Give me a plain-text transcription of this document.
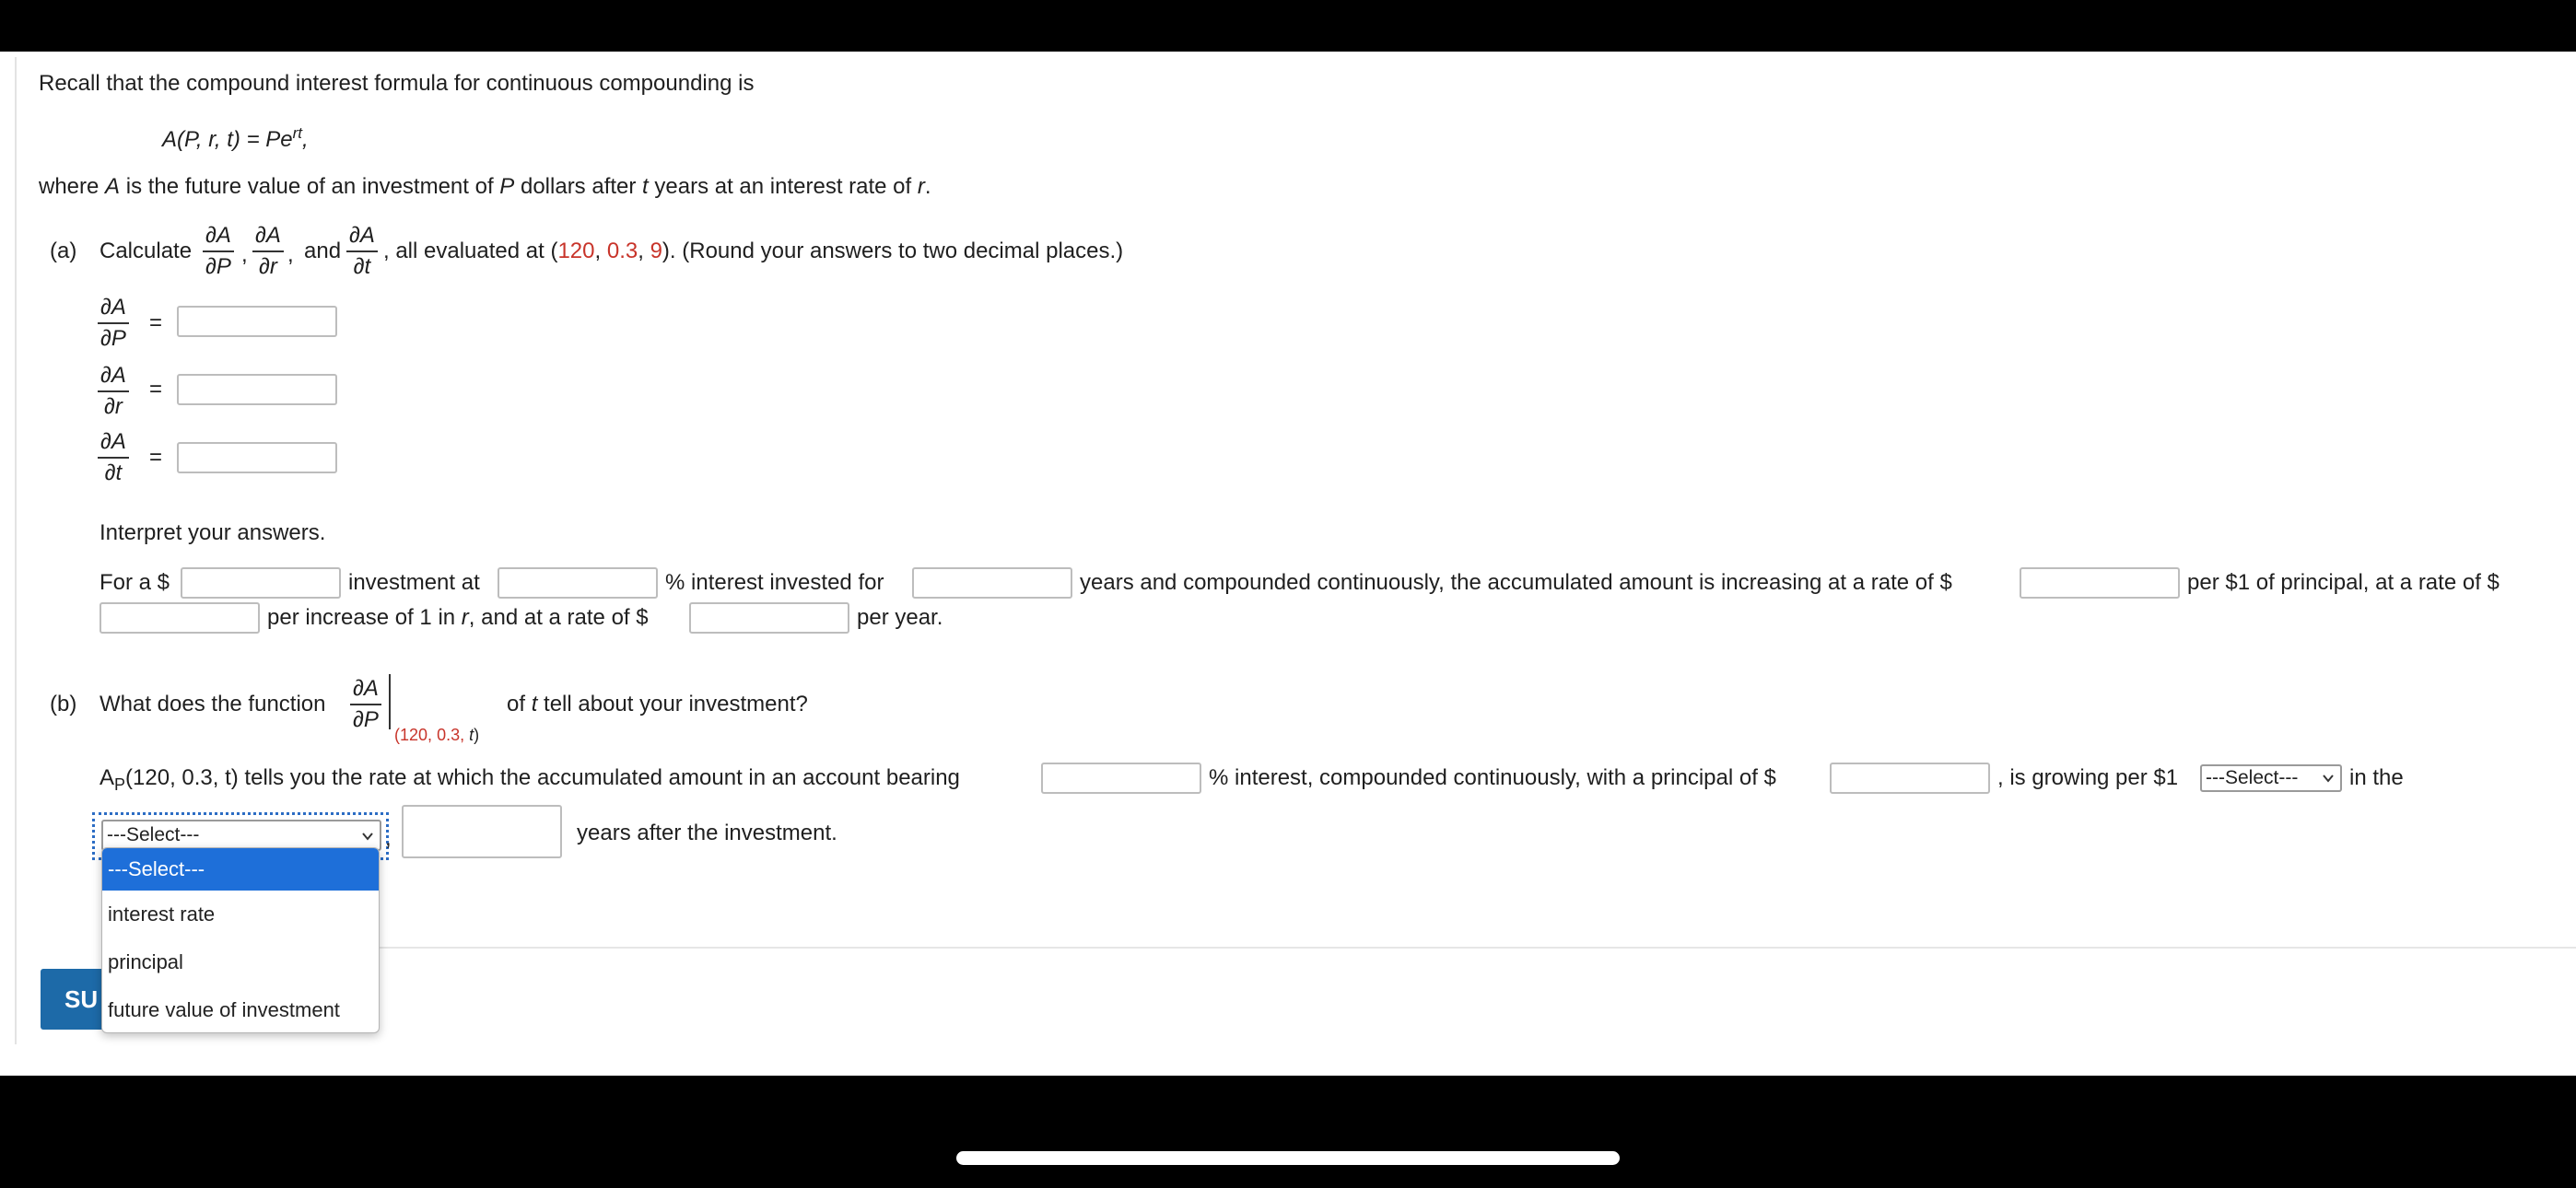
Recall that the compound interest formula for continuous compounding is
A(P, r, $t) = Pe^{rt}$,
where A is the future value of an investment of P dollars after t years at an interest rate of r.
(a) Calculate $\frac{\partial A}{\partial P}$ , $\frac{\partial A}{\partial r}$ , and $\frac{\partial A}{\partial t}$ , all evaluated at (120, 0.3, 9). (Round your answers to two decimal places.)
$\frac{\partial A}{\partial P}$ =
$\frac{\partial A}{\partial r}$ =
$\frac{\partial A}{\partial t}$ =
Interpret your answers.
For a $	investment at	% interest invested for	years and compounded continuously, the accumulated amount is increasing at a rate of $	per $1 of principal, at a rate of $
per increase of 1 in r, and at a rate of $	per year.
(b) What does the function $\frac{\partial A}{\partial P}$
(120, 0.3, t)
of t tell about your investment?
$A_P(120$, 0.3, t) tells you the rate at which the accumulated amount in an account bearing	% interest, compounded continuously, with a principal of $	, is growing per $1 ---Select---	in the
---Select---	,	years after the investment.
SU
---Select---
interest rate
principal
future value of investment
